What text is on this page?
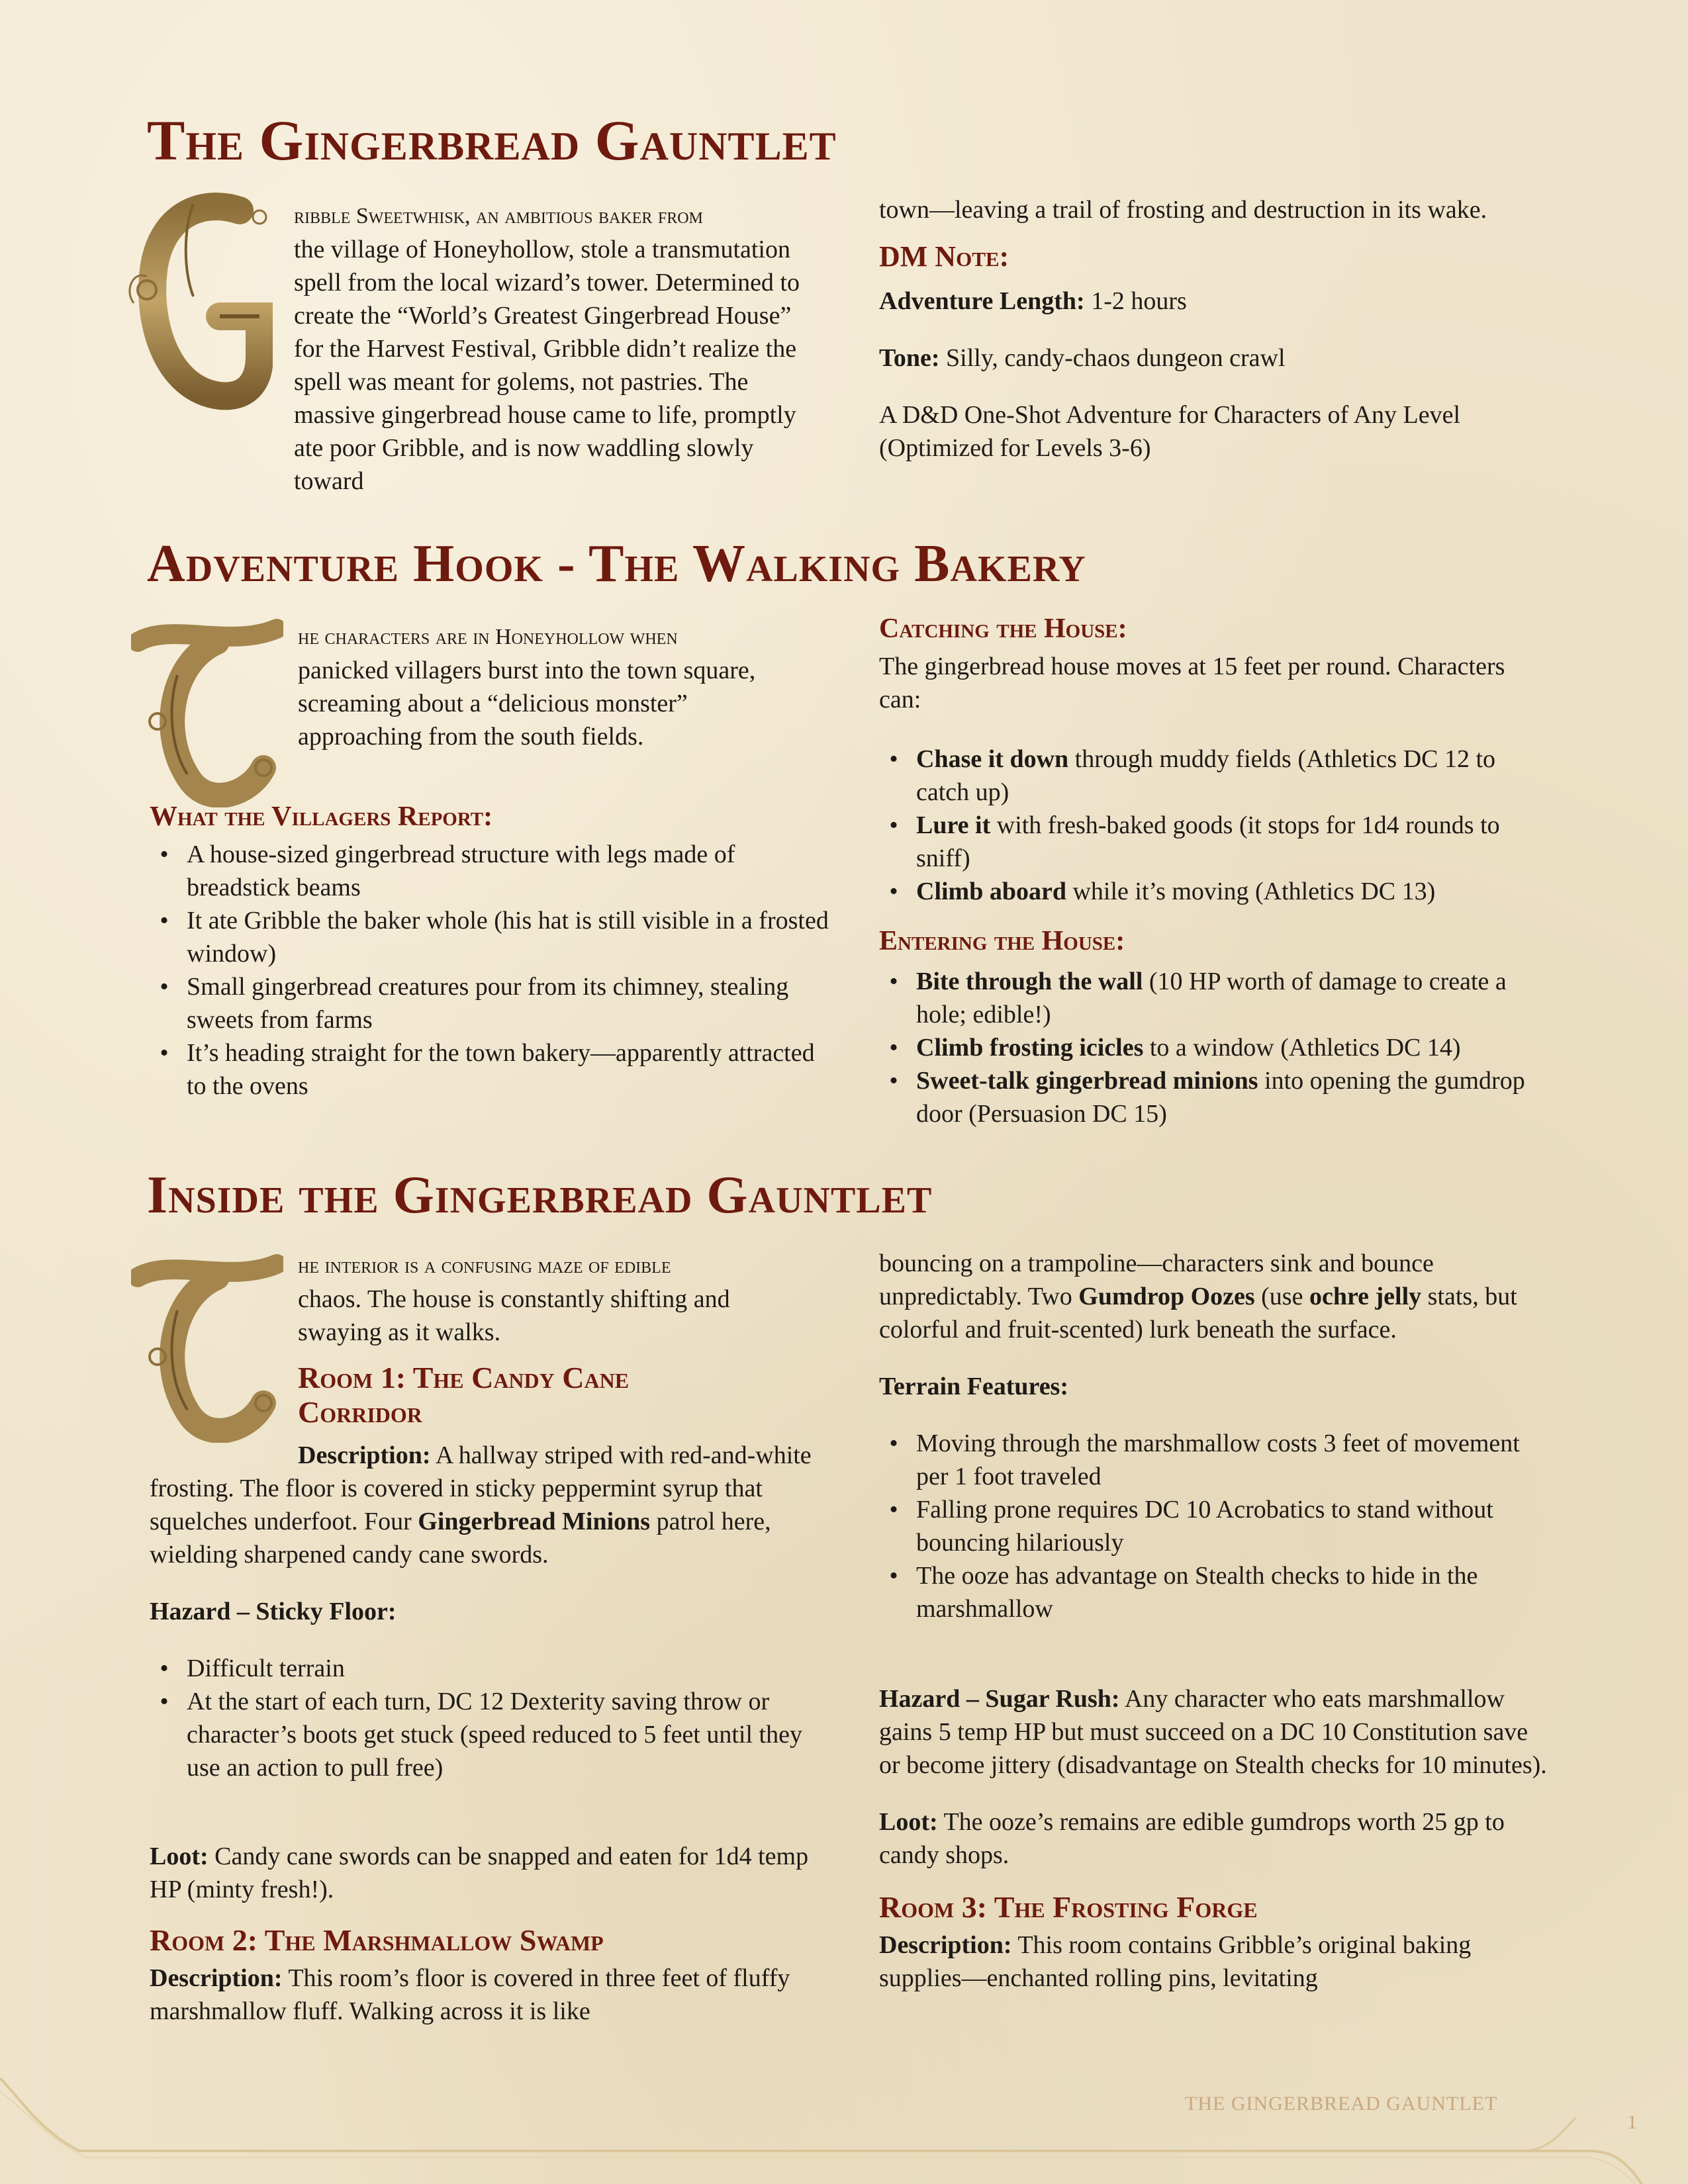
The Gingerbread Gauntlet

ribble Sweetwhisk, an ambitious baker from

the village of Honeyhollow, stole a transmutation spell from the local wizard’s tower. Determined to create the “World’s Greatest Gingerbread House” for the Harvest Festival, Gribble didn’t realize the spell was meant for golems, not pastries. The massive gingerbread house came to life, promptly ate poor Gribble, and is now waddling slowly toward

town—leaving a trail of frosting and destruction in its wake.

DM Note:

Adventure Length: 1-2 hours

Tone: Silly, candy-chaos dungeon crawl

A D&D One-Shot Adventure for Characters of Any Level (Optimized for Levels 3-6)

Adventure Hook - The Walking Bakery

he characters are in Honeyhollow when

panicked villagers burst into the town square, screaming about a “delicious monster” approaching from the south fields.

What the Villagers Report:
• A house-sized gingerbread structure with legs made of breadstick beams
• It ate Gribble the baker whole (his hat is still visible in a frosted window)
• Small gingerbread creatures pour from its chimney, stealing sweets from farms
• It’s heading straight for the town bakery—apparently attracted to the ovens
Catching the House:

The gingerbread house moves at 15 feet per round. Characters can:

• Chase it down through muddy fields (Athletics DC 12 to catch up)
• Lure it with fresh-baked goods (it stops for 1d4 rounds to sniff)
• Climb aboard while it’s moving (Athletics DC 13)
Entering the House:
• Bite through the wall (10 HP worth of damage to create a hole; edible!)
• Climb frosting icicles to a window (Athletics DC 14)
• Sweet-talk gingerbread minions into opening the gumdrop door (Persuasion DC 15)
Inside the Gingerbread Gauntlet

he interior is a confusing maze of edible

chaos. The house is constantly shifting and swaying as it walks.

Room 1: The Candy Cane Corridor

Description: A hallway striped with red-and-white frosting. The floor is covered in sticky peppermint syrup that squelches underfoot. Four Gingerbread Minions patrol here, wielding sharpened candy cane swords.

Hazard – Sticky Floor:

• Difficult terrain
• At the start of each turn, DC 12 Dexterity saving throw or character’s boots get stuck (speed reduced to 5 feet until they use an action to pull free)

Loot: Candy cane swords can be snapped and eaten for 1d4 temp HP (minty fresh!).

Room 2: The Marshmallow Swamp

Description: This room’s floor is covered in three feet of fluffy marshmallow fluff. Walking across it is like

bouncing on a trampoline—characters sink and bounce unpredictably. Two Gumdrop Oozes (use ochre jelly stats, but colorful and fruit-scented) lurk beneath the surface.

Terrain Features:

• Moving through the marshmallow costs 3 feet of movement per 1 foot traveled
• Falling prone requires DC 10 Acrobatics to stand without bouncing hilariously
• The ooze has advantage on Stealth checks to hide in the marshmallow

Hazard – Sugar Rush: Any character who eats marshmallow gains 5 temp HP but must succeed on a DC 10 Constitution save or become jittery (disadvantage on Stealth checks for 10 minutes).

Loot: The ooze’s remains are edible gumdrops worth 25 gp to candy shops.

Room 3: The Frosting Forge

Description: This room contains Gribble’s original baking supplies—enchanted rolling pins, levitating

THE GINGERBREAD GAUNTLET
1
